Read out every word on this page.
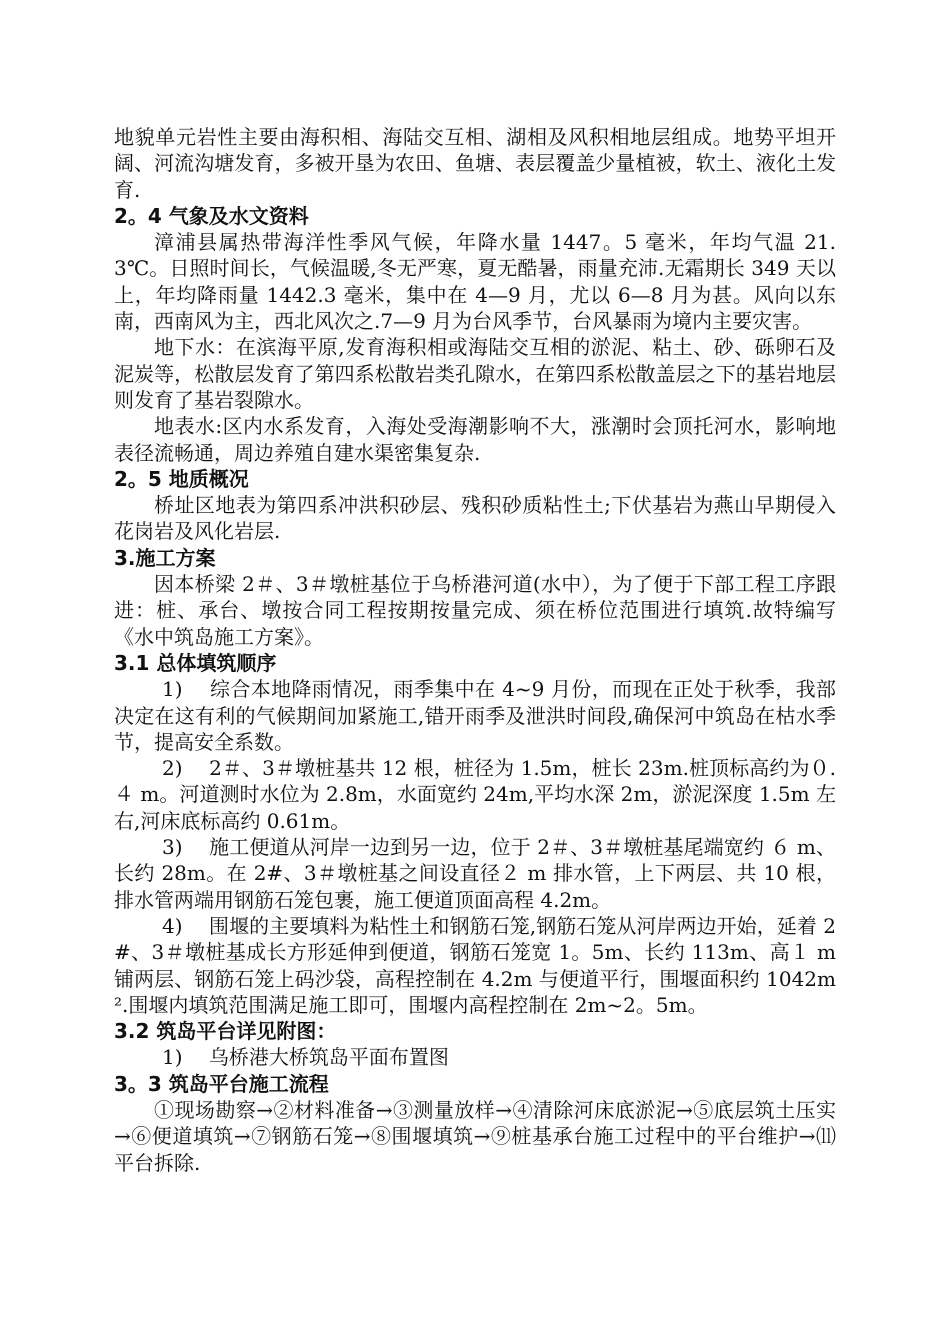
地貌单元岩性主要由海积相、海陆交互相、湖相及风积相地层组成。地势平坦开阔、河流沟塘发育，多被开垦为农田、鱼塘、表层覆盖少量植被，软土、液化土发育.

2。4 气象及水文资料

漳浦县属热带海洋性季风气候，年降水量 1447。5 毫米，年均气温 21.3℃。日照时间长，气候温暖,冬无严寒，夏无酷暑，雨量充沛.无霜期长 349 天以上，年均降雨量 1442.3 毫米，集中在 4—9 月，尤以 6—8 月为甚。风向以东南，西南风为主，西北风次之.7—9 月为台风季节，台风暴雨为境内主要灾害。

地下水：在滨海平原,发育海积相或海陆交互相的淤泥、粘土、砂、砾卵石及泥炭等，松散层发育了第四系松散岩类孔隙水，在第四系松散盖层之下的基岩地层则发育了基岩裂隙水。

地表水:区内水系发育，入海处受海潮影响不大，涨潮时会顶托河水，影响地表径流畅通，周边养殖自建水渠密集复杂.

2。5 地质概况

桥址区地表为第四系冲洪积砂层、残积砂质粘性土;下伏基岩为燕山早期侵入花岗岩及风化岩层.

3.施工方案

因本桥梁 2＃、3＃墩桩基位于乌桥港河道(水中），为了便于下部工程工序跟进：桩、承台、墩按合同工程按期按量完成、须在桥位范围进行填筑.故特编写《水中筑岛施工方案》。

3.1 总体填筑顺序

1)　 综合本地降雨情况，雨季集中在 4~9 月份，而现在正处于秋季，我部决定在这有利的气候期间加紧施工,错开雨季及泄洪时间段,确保河中筑岛在枯水季节，提高安全系数。

2)　 2＃、3＃墩桩基共 12 根，桩径为 1.5m，桩长 23m.桩顶标高约为０.４ m。河道测时水位为 2.8m，水面宽约 24m,平均水深 2m，淤泥深度 1.5m 左右,河床底标高约 0.61m。

3)　 施工便道从河岸一边到另一边，位于 2＃、3＃墩桩基尾端宽约 ６ m、长约 28m。在 2#、3＃墩桩基之间设直径２ m 排水管，上下两层、共 10 根，排水管两端用钢筋石笼包裹，施工便道顶面高程 4.2m。

4)　 围堰的主要填料为粘性土和钢筋石笼,钢筋石笼从河岸两边开始，延着 2#、3＃墩桩基成长方形延伸到便道，钢筋石笼宽 1。5m、长约 113m、高１ m 铺两层、钢筋石笼上码沙袋，高程控制在 4.2m 与便道平行，围堰面积约 1042m².围堰内填筑范围满足施工即可，围堰内高程控制在 2m~2。5m。

3.2 筑岛平台详见附图：

1)　 乌桥港大桥筑岛平面布置图

3。3 筑岛平台施工流程

①现场勘察→②材料准备→③测量放样→④清除河床底淤泥→⑤底层筑土压实→⑥便道填筑→⑦钢筋石笼→⑧围堰填筑→⑨桩基承台施工过程中的平台维护→⑾平台拆除.
